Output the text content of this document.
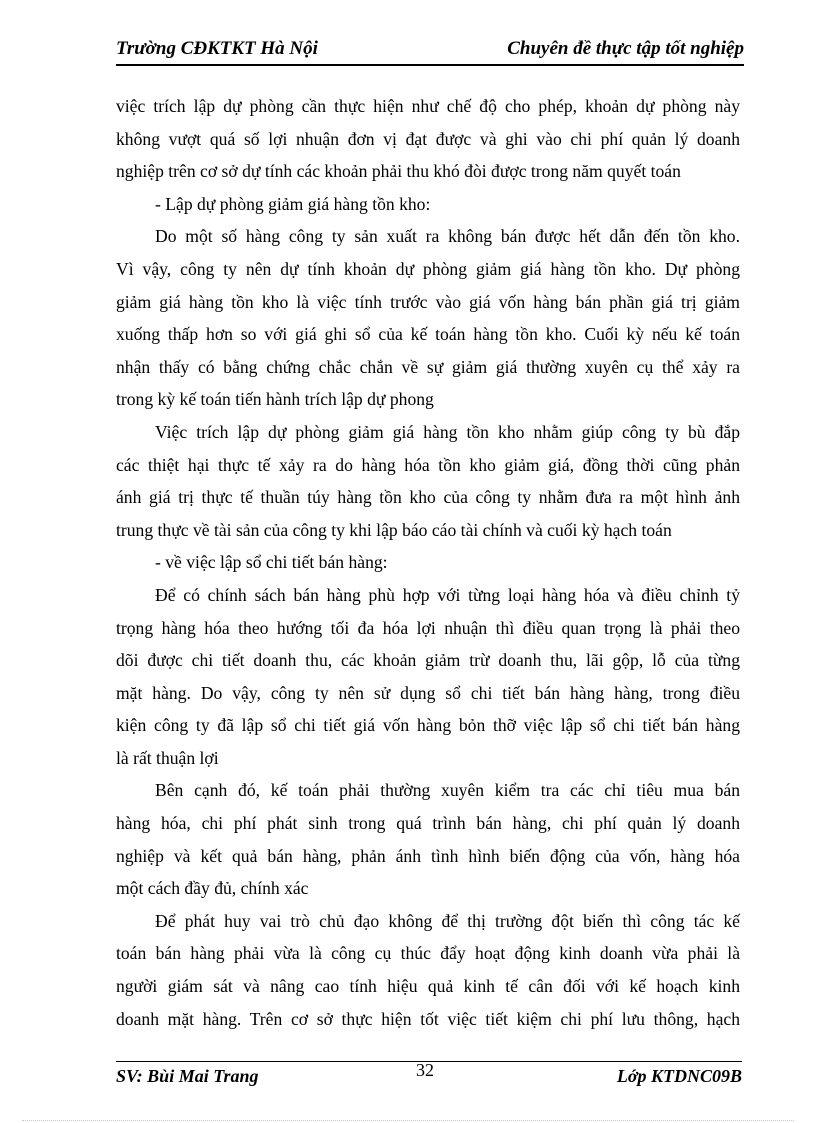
Trường CĐKTKT Hà Nội	Chuyên đề thực tập tốt nghiệp
việc trích lập dự phòng cần thực hiện như chế độ cho phép, khoản dự phòng này
không vượt quá số lợi nhuận đơn vị đạt được và ghi vào chi phí quản lý doanh
nghiệp trên cơ sở dự tính các khoản phải thu khó đòi được trong năm quyết toán
- Lập dự phòng giảm giá hàng tồn kho:
Do một số hàng công ty sản xuất ra không bán được hết dẫn đến tồn kho.
Vì vậy, công ty nên dự tính khoản dự phòng giảm giá hàng tồn kho. Dự phòng
giảm giá hàng tồn kho là việc tính trước vào giá vốn hàng bán phần giá trị giảm
xuống thấp hơn so với giá ghi sổ của kế toán hàng tồn kho. Cuối kỳ nếu kế toán
nhận thấy có bằng chứng chắc chắn về sự giảm giá thường xuyên cụ thể xảy ra
trong kỳ kế toán tiến hành trích lập dự phong
Việc trích lập dự phòng giảm giá hàng tồn kho nhằm giúp công ty bù đắp
các thiệt hại thực tế xảy ra do hàng hóa tồn kho giảm giá, đồng thời cũng phản
ánh giá trị thực tế thuần túy hàng tồn kho của công ty nhằm đưa ra một hình ảnh
trung thực về tài sản của công ty khi lập báo cáo tài chính và cuối kỳ hạch toán
- về việc lập sổ chi tiết bán hàng:
Để có chính sách bán hàng phù hợp với từng loại hàng hóa và điều chỉnh tỷ
trọng hàng hóa theo hướng tối đa hóa lợi nhuận thì điều quan trọng là phải theo
dõi được chi tiết doanh thu, các khoản giảm trừ doanh thu, lãi gộp, lỗ của từng
mặt hàng. Do vậy, công ty nên sử dụng sổ chi tiết bán hàng hàng, trong điều
kiện công ty đã lập sổ chi tiết giá vốn hàng bỏn thỡ việc lập sổ chi tiết bán hàng
là rất thuận lợi
Bên cạnh đó, kế toán phải thường xuyên kiểm tra các chỉ tiêu mua bán
hàng hóa, chi phí phát sinh trong quá trình bán hàng, chi phí quản lý doanh
nghiệp và kết quả bán hàng, phản ánh tình hình biến động của vốn, hàng hóa
một cách đầy đủ, chính xác
Để phát huy vai trò chủ đạo không để thị trường đột biến thì công tác kế
toán bán hàng phải vừa là công cụ thúc đẩy hoạt động kinh doanh vừa phải là
người giám sát và nâng cao tính hiệu quả kinh tế cân đối với kế hoạch kinh
doanh mặt hàng. Trên cơ sở thực hiện tốt việc tiết kiệm chi phí lưu thông, hạch
SV: Bùi Mai Trang	32	Lớp KTDNC09B
